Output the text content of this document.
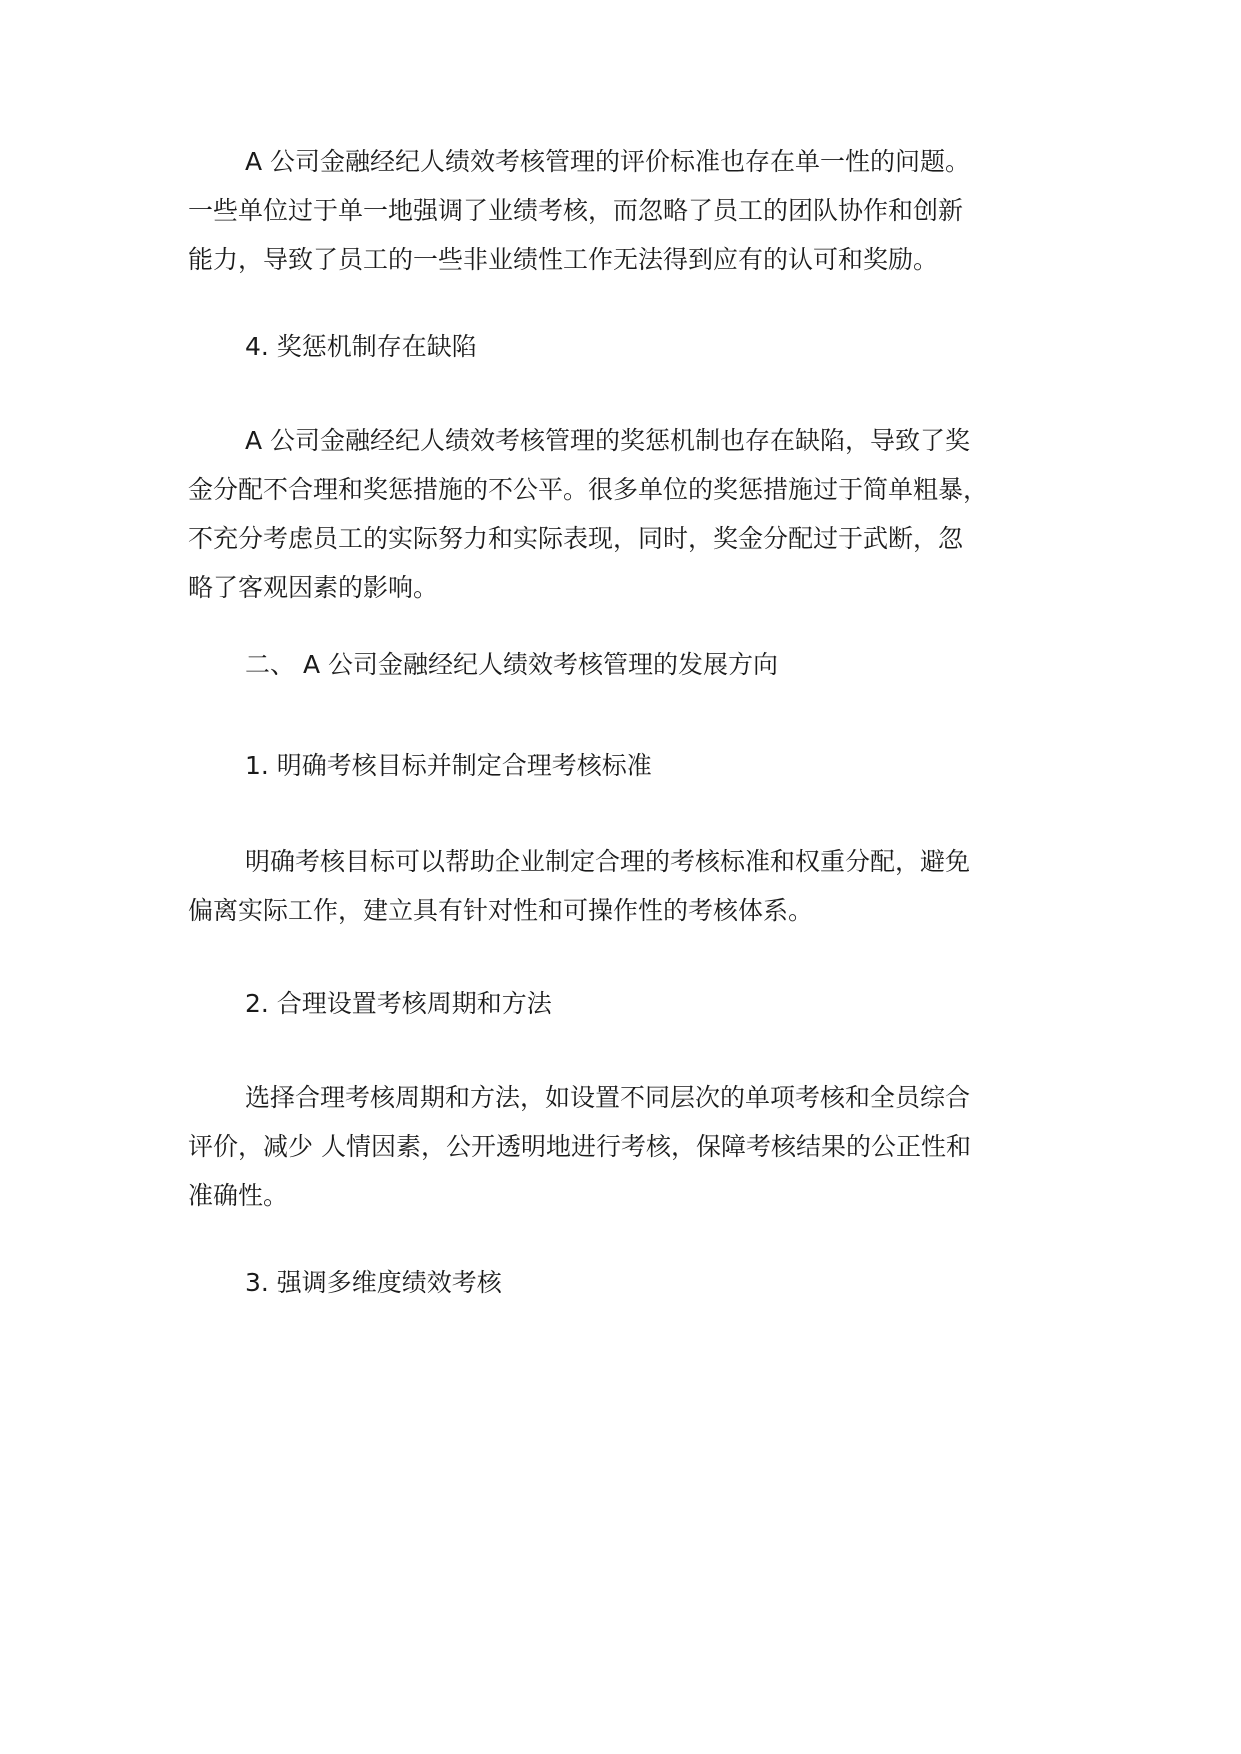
A 公司金融经纪人绩效考核管理的评价标准也存在单一性的问题。
一些单位过于单一地强调了业绩考核，而忽略了员工的团队协作和创新
能力，导致了员工的一些非业绩性工作无法得到应有的认可和奖励。

4. 奖惩机制存在缺陷

A 公司金融经纪人绩效考核管理的奖惩机制也存在缺陷，导致了奖
金分配不合理和奖惩措施的不公平。很多单位的奖惩措施过于简单粗暴，
不充分考虑员工的实际努力和实际表现，同时，奖金分配过于武断，忽
略了客观因素的影响。

二、 A 公司金融经纪人绩效考核管理的发展方向

1. 明确考核目标并制定合理考核标准

明确考核目标可以帮助企业制定合理的考核标准和权重分配，避免
偏离实际工作，建立具有针对性和可操作性的考核体系。

2. 合理设置考核周期和方法

选择合理考核周期和方法，如设置不同层次的单项考核和全员综合
评价，减少 人情因素，公开透明地进行考核，保障考核结果的公正性和
准确性。

3. 强调多维度绩效考核
